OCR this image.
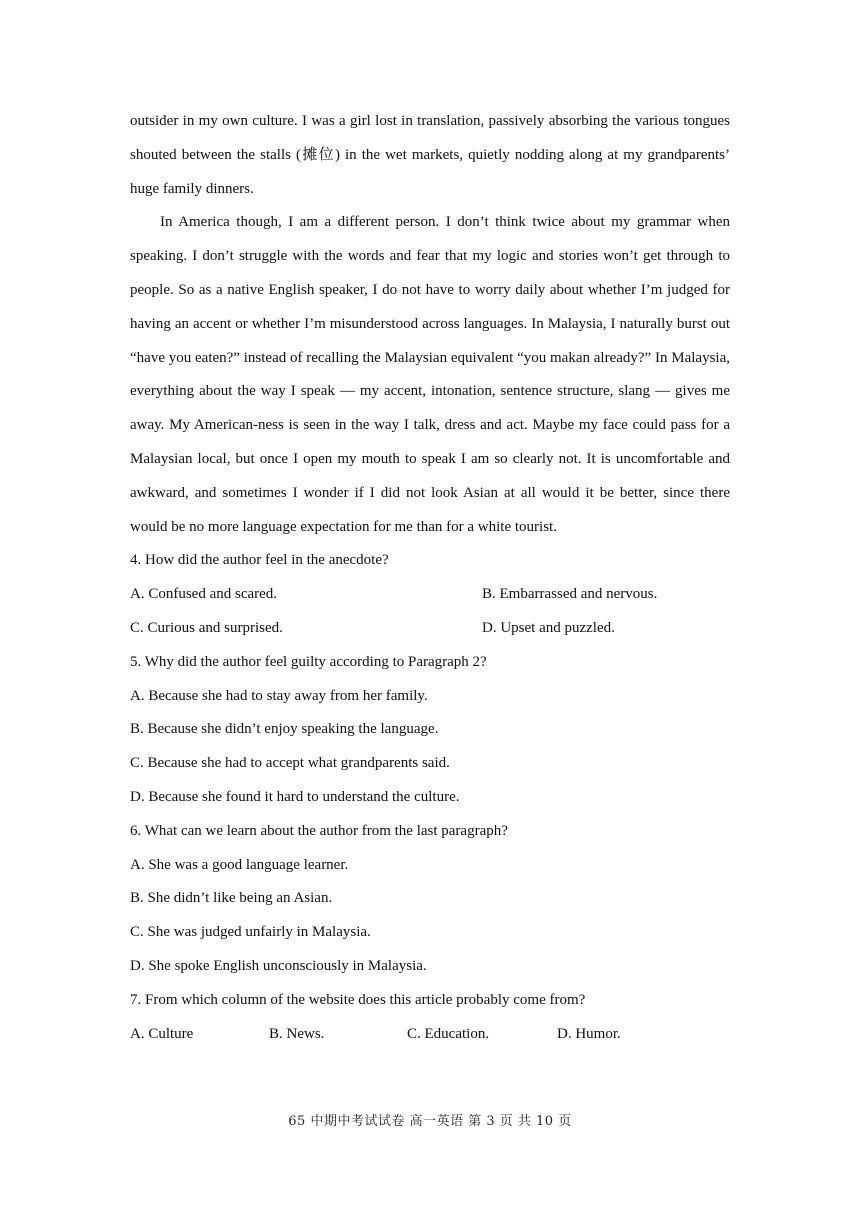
outsider in my own culture. I was a girl lost in translation, passively absorbing the various tongues shouted between the stalls (摊位) in the wet markets, quietly nodding along at my grandparents’ huge family dinners.

In America though, I am a different person. I don’t think twice about my grammar when speaking. I don’t struggle with the words and fear that my logic and stories won’t get through to people. So as a native English speaker, I do not have to worry daily about whether I’m judged for having an accent or whether I’m misunderstood across languages. In Malaysia, I naturally burst out “have you eaten?” instead of recalling the Malaysian equivalent “you makan already?” In Malaysia, everything about the way I speak — my accent, intonation, sentence structure, slang — gives me away. My American-ness is seen in the way I talk, dress and act. Maybe my face could pass for a Malaysian local, but once I open my mouth to speak I am so clearly not. It is uncomfortable and awkward, and sometimes I wonder if I did not look Asian at all would it be better, since there would be no more language expectation for me than for a white tourist.

4. How did the author feel in the anecdote?

A. Confused and scared.	B. Embarrassed and nervous.
C. Curious and surprised.	D. Upset and puzzled.

5. Why did the author feel guilty according to Paragraph 2?

A. Because she had to stay away from her family.

B. Because she didn’t enjoy speaking the language.

C. Because she had to accept what grandparents said.

D. Because she found it hard to understand the culture.

6. What can we learn about the author from the last paragraph?

A. She was a good language learner.

B. She didn’t like being an Asian.

C. She was judged unfairly in Malaysia.

D. She spoke English unconsciously in Malaysia.

7. From which column of the website does this article probably come from?

A. Culture	B. News.	C. Education.	D. Humor.
65 中期中考试试卷 高一英语 第 3 页 共 10 页
